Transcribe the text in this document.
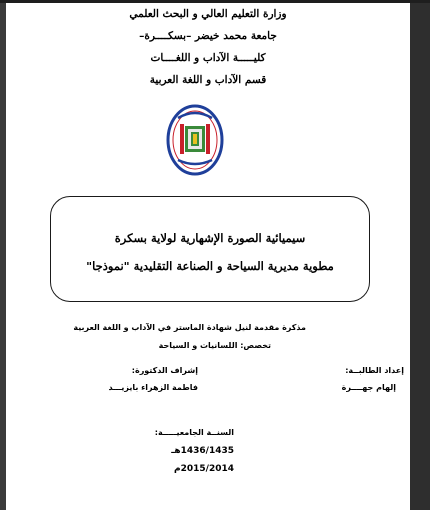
وزارة التعليم العالي و البحث العلمي
جامعة محمد خيضر –بسكــــرة–
كليـــــة الآداب و اللغــــات
قسم الآداب و اللغة العربية
سيميائية الصورة الإشهارية لولاية بسكرة
مطوية مديرية السياحة و الصناعة التقليدية "نموذجا"
مذكرة مقدمة لنيل شهادة الماستر في الآداب و اللغة العربية
تخصص: اللسانيات و السياحة
إعداد الطالبــة:
إشراف الدكتورة:
إلهام جهــــرة
فاطمة الزهراء بايزيـــد
السنــة الجامعيـــــة:
1436/1435هـ
2015/2014م
